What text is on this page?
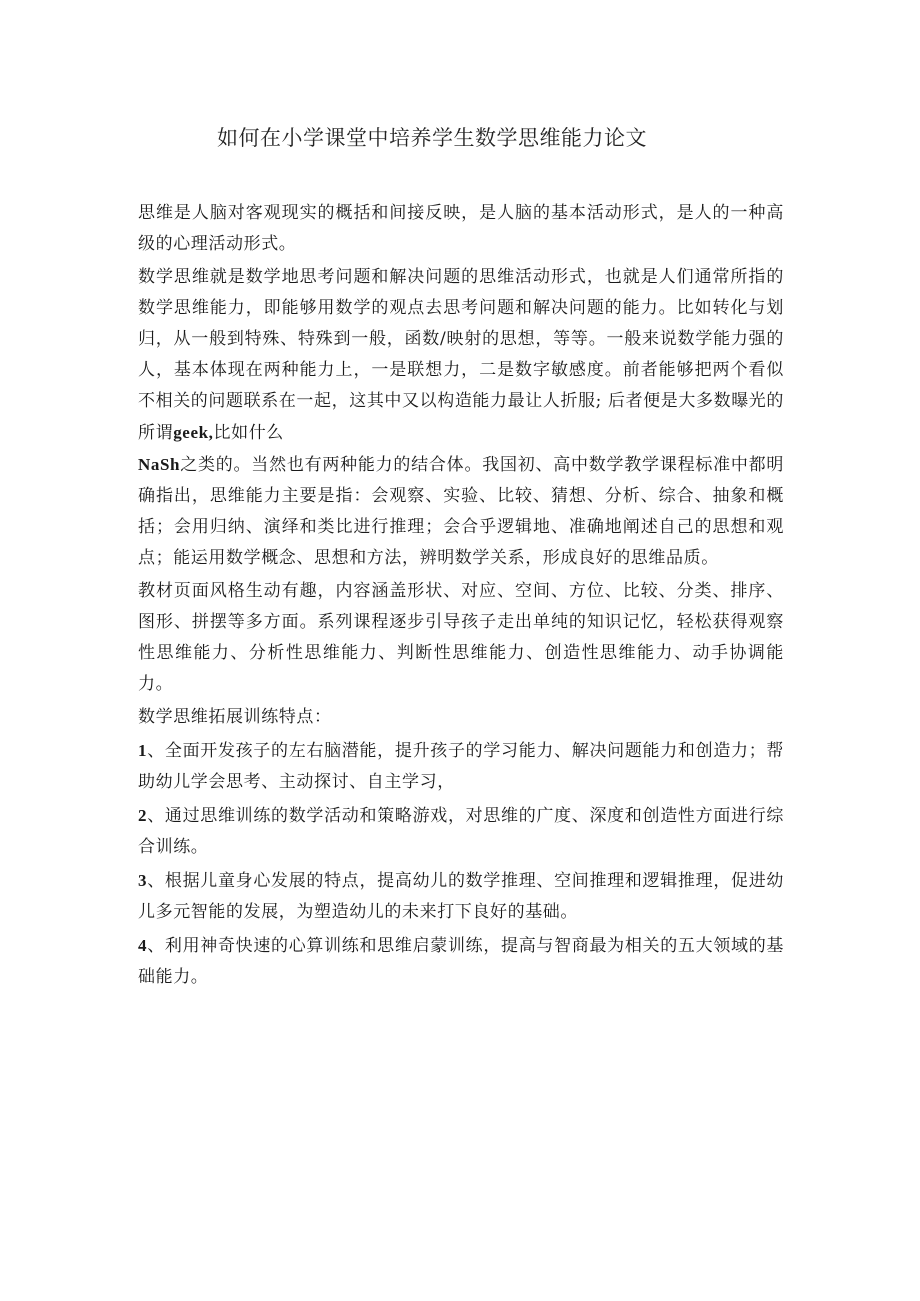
如何在小学课堂中培养学生数学思维能力论文

思维是人脑对客观现实的概括和间接反映，是人脑的基本活动形式，是人的一种高级的心理活动形式。

数学思维就是数学地思考问题和解决问题的思维活动形式，也就是人们通常所指的数学思维能力，即能够用数学的观点去思考问题和解决问题的能力。比如转化与划归，从一般到特殊、特殊到一般，函数/映射的思想，等等。一般来说数学能力强的人，基本体现在两种能力上，一是联想力，二是数字敏感度。前者能够把两个看似不相关的问题联系在一起，这其中又以构造能力最让人折服; 后者便是大多数曝光的所谓geek,比如什么
NaSh之类的。当然也有两种能力的结合体。我国初、高中数学教学课程标准中都明确指出，思维能力主要是指：会观察、实验、比较、猜想、分析、综合、抽象和概括；会用归纳、演绎和类比进行推理；会合乎逻辑地、准确地阐述自己的思想和观点；能运用数学概念、思想和方法，辨明数学关系，形成良好的思维品质。

教材页面风格生动有趣，内容涵盖形状、对应、空间、方位、比较、分类、排序、图形、拼摆等多方面。系列课程逐步引导孩子走出单纯的知识记忆，轻松获得观察性思维能力、分析性思维能力、判断性思维能力、创造性思维能力、动手协调能力。

数学思维拓展训练特点：

1、全面开发孩子的左右脑潜能，提升孩子的学习能力、解决问题能力和创造力；帮助幼儿学会思考、主动探讨、自主学习，

2、通过思维训练的数学活动和策略游戏，对思维的广度、深度和创造性方面进行综合训练。

3、根据儿童身心发展的特点，提高幼儿的数学推理、空间推理和逻辑推理，促进幼儿多元智能的发展，为塑造幼儿的未来打下良好的基础。

4、利用神奇快速的心算训练和思维启蒙训练，提高与智商最为相关的五大领域的基础能力。
